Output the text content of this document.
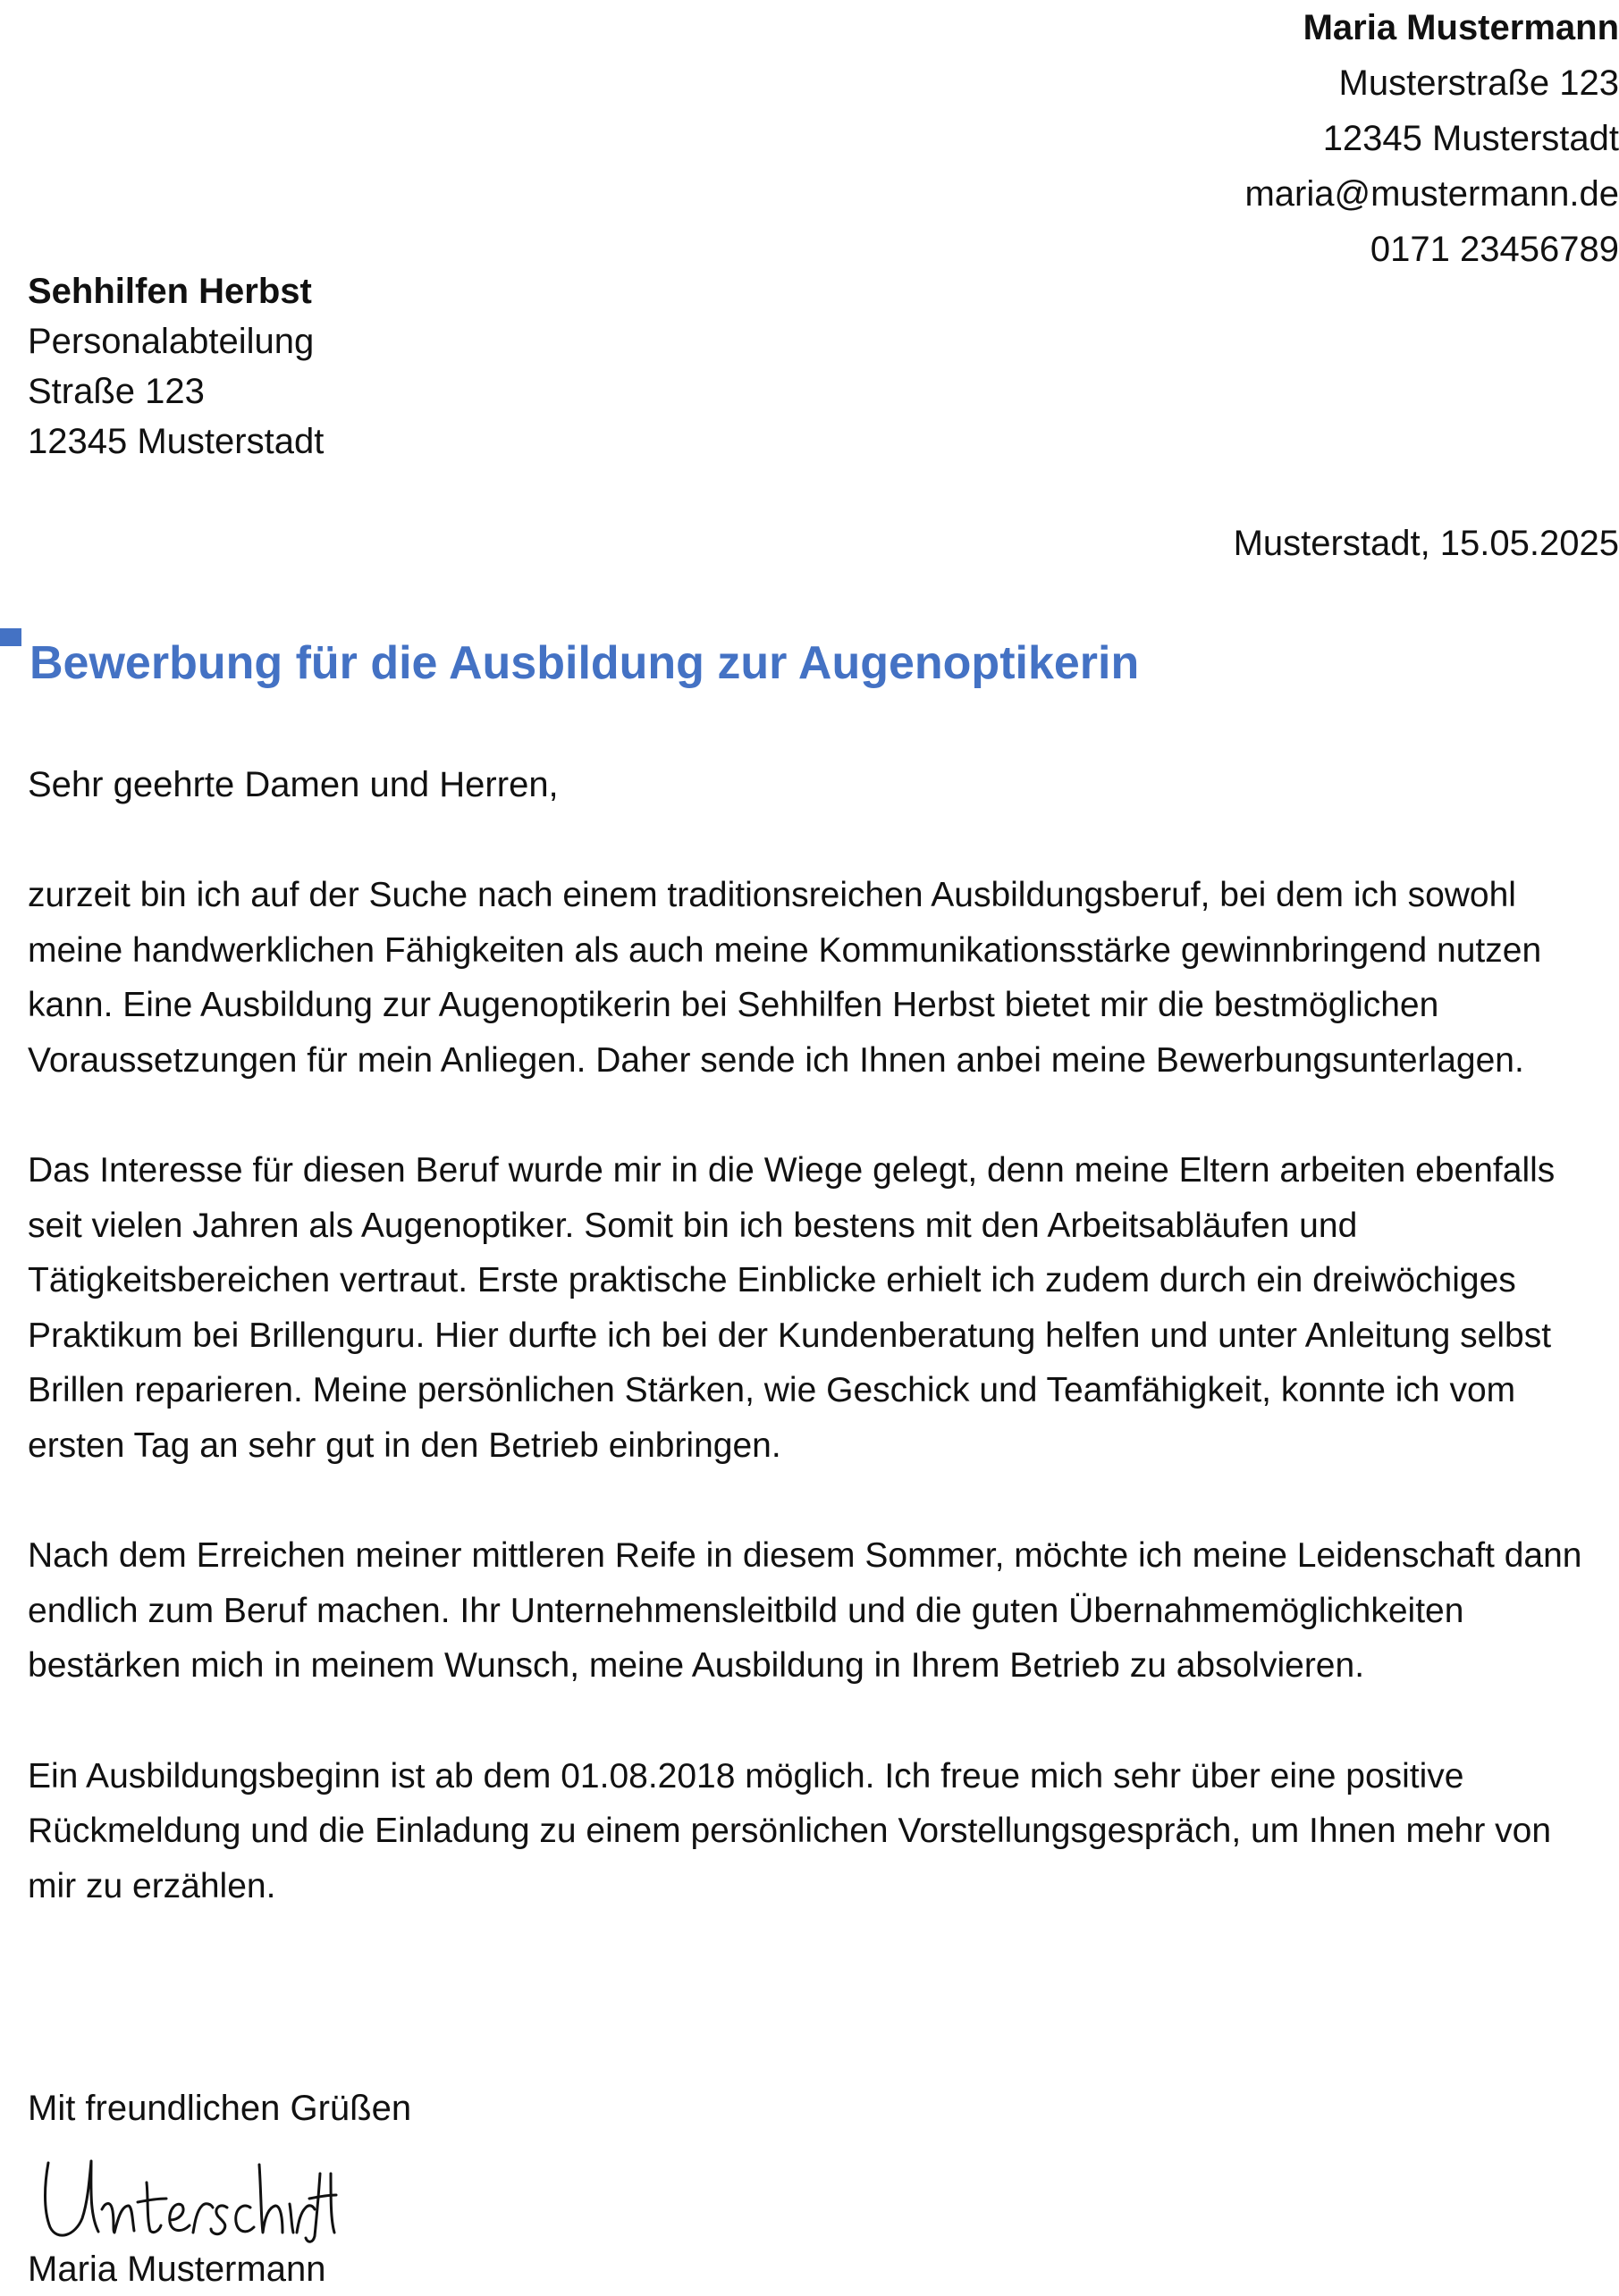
Maria Mustermann
Musterstraße 123
12345 Musterstadt
maria@mustermann.de
0171 23456789
Sehhilfen Herbst
Personalabteilung
Straße 123
12345 Musterstadt
Musterstadt, 15.05.2025
Bewerbung für die Ausbildung zur Augenoptikerin
Sehr geehrte Damen und Herren,

zurzeit bin ich auf der Suche nach einem traditionsreichen Ausbildungsberuf, bei dem ich sowohl meine handwerklichen Fähigkeiten als auch meine Kommunikationsstärke gewinnbringend nutzen kann. Eine Ausbildung zur Augenoptikerin bei Sehhilfen Herbst bietet mir die bestmöglichen Voraussetzungen für mein Anliegen. Daher sende ich Ihnen anbei meine Bewerbungsunterlagen.

Das Interesse für diesen Beruf wurde mir in die Wiege gelegt, denn meine Eltern arbeiten ebenfalls seit vielen Jahren als Augenoptiker. Somit bin ich bestens mit den Arbeitsabläufen und Tätigkeitsbereichen vertraut. Erste praktische Einblicke erhielt ich zudem durch ein dreiwöchiges Praktikum bei Brillenguru. Hier durfte ich bei der Kundenberatung helfen und unter Anleitung selbst Brillen reparieren. Meine persönlichen Stärken, wie Geschick und Teamfähigkeit, konnte ich vom ersten Tag an sehr gut in den Betrieb einbringen.

Nach dem Erreichen meiner mittleren Reife in diesem Sommer, möchte ich meine Leidenschaft dann endlich zum Beruf machen. Ihr Unternehmensleitbild und die guten Übernahmemöglichkeiten bestärken mich in meinem Wunsch, meine Ausbildung in Ihrem Betrieb zu absolvieren.

Ein Ausbildungsbeginn ist ab dem 01.08.2018 möglich. Ich freue mich sehr über eine positive Rückmeldung und die Einladung zu einem persönlichen Vorstellungsgespräch, um Ihnen mehr von mir zu erzählen.

Mit freundlichen Grüßen
Maria Mustermann
